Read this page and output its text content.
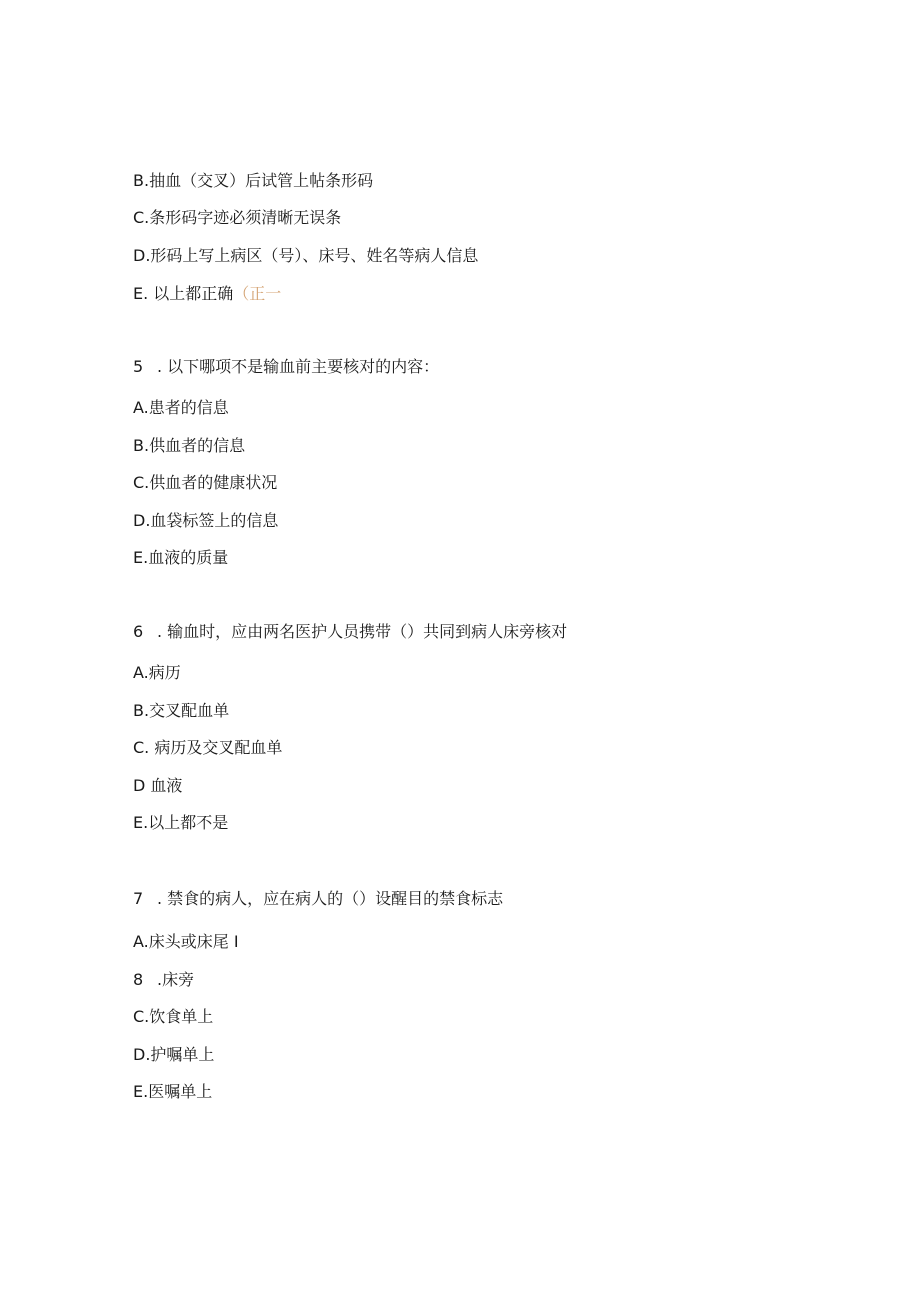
B.抽血（交叉）后试管上帖条形码
C.条形码字迹必须清晰无误条
D.形码上写上病区（号）、床号、姓名等病人信息
E. 以上都正确（正一
5 . 以下哪项不是输血前主要核对的内容：
A.患者的信息
B.供血者的信息
C.供血者的健康状况
D.血袋标签上的信息
E.血液的质量
6 . 输血时，应由两名医护人员携带（）共同到病人床旁核对
A.病历
B.交叉配血单
C. 病历及交叉配血单
D 血液
E.以上都不是
7 . 禁食的病人，应在病人的（）设醒目的禁食标志
A.床头或床尾 I
8 .床旁
C.饮食单上
D.护嘱单上
E.医嘱单上
